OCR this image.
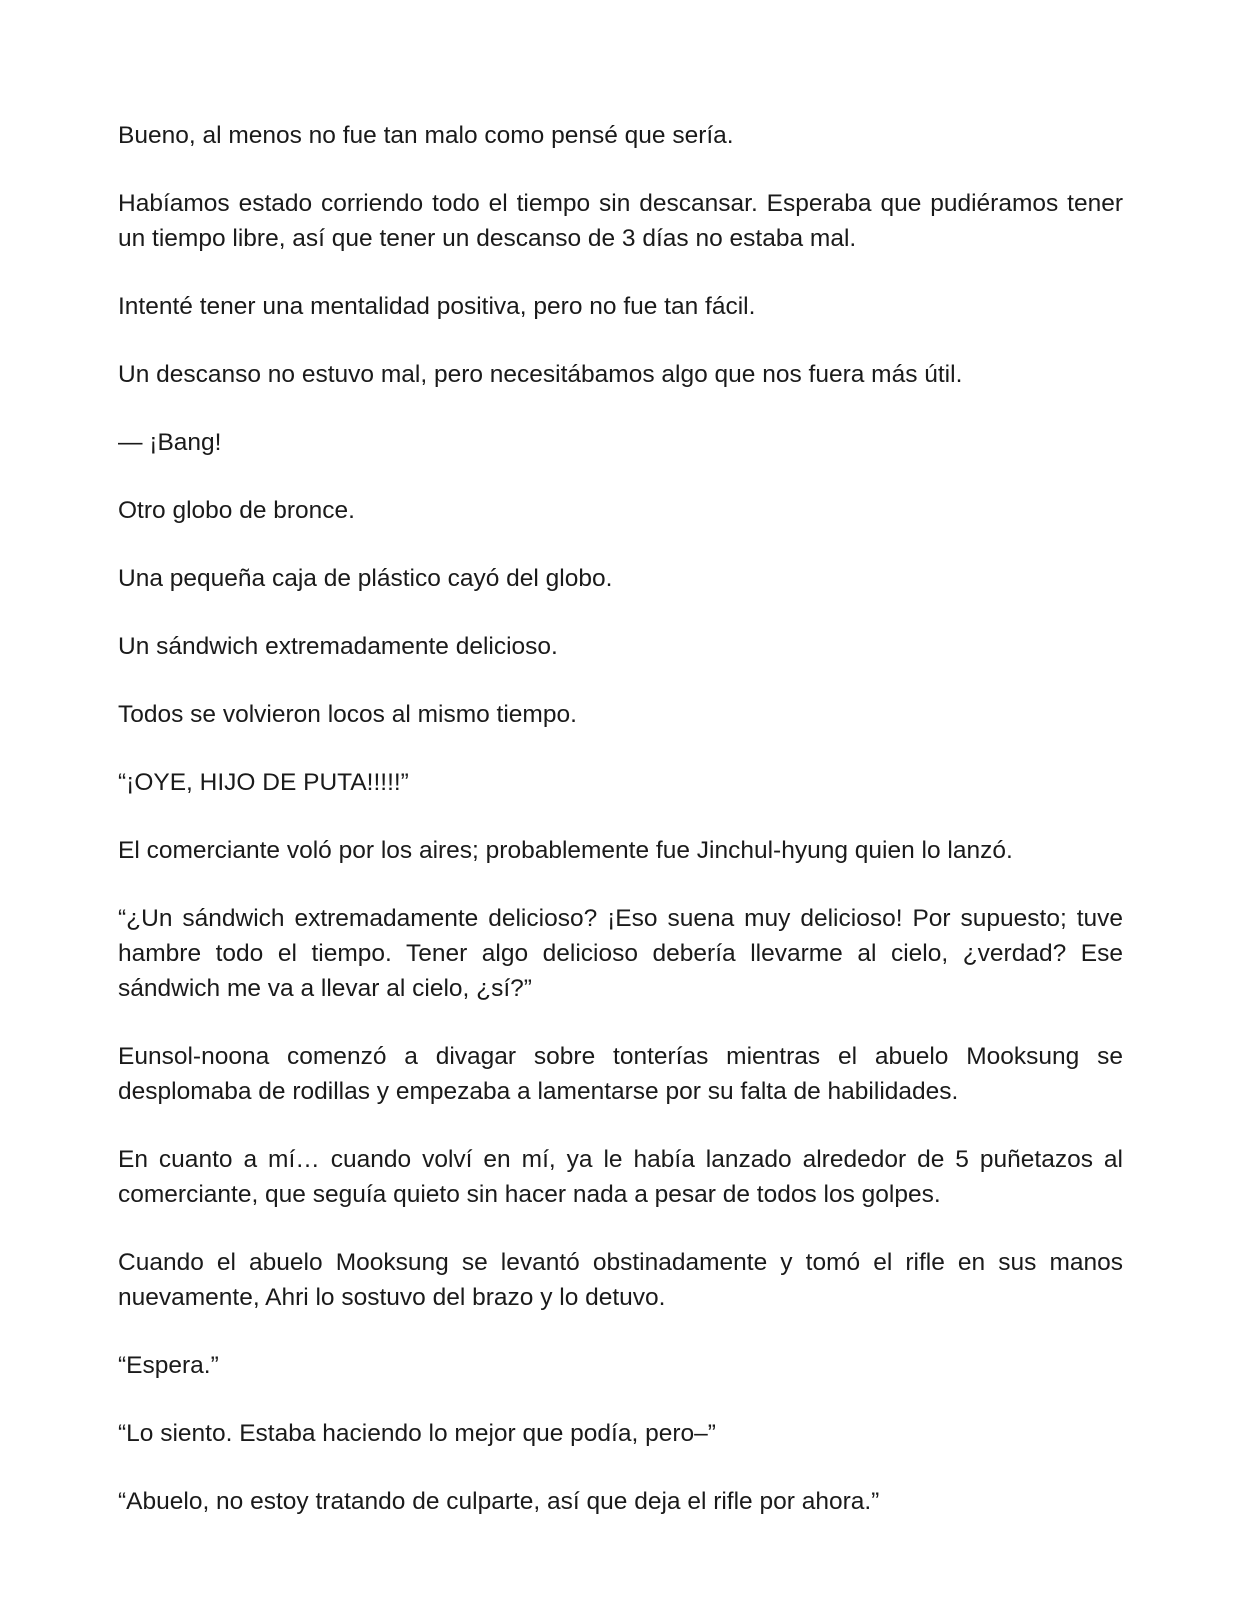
Bueno, al menos no fue tan malo como pensé que sería.

Habíamos estado corriendo todo el tiempo sin descansar. Esperaba que pudiéramos tener un tiempo libre, así que tener un descanso de 3 días no estaba mal.

Intenté tener una mentalidad positiva, pero no fue tan fácil.

Un descanso no estuvo mal, pero necesitábamos algo que nos fuera más útil.

— ¡Bang!

Otro globo de bronce.

Una pequeña caja de plástico cayó del globo.

Un sándwich extremadamente delicioso.

Todos se volvieron locos al mismo tiempo.

“¡OYE, HIJO DE PUTA!!!!!”

El comerciante voló por los aires; probablemente fue Jinchul-hyung quien lo lanzó.

“¿Un sándwich extremadamente delicioso? ¡Eso suena muy delicioso! Por supuesto; tuve hambre todo el tiempo. Tener algo delicioso debería llevarme al cielo, ¿verdad? Ese sándwich me va a llevar al cielo, ¿sí?”

Eunsol-noona comenzó a divagar sobre tonterías mientras el abuelo Mooksung se desplomaba de rodillas y empezaba a lamentarse por su falta de habilidades.

En cuanto a mí… cuando volví en mí, ya le había lanzado alrededor de 5 puñetazos al comerciante, que seguía quieto sin hacer nada a pesar de todos los golpes.

Cuando el abuelo Mooksung se levantó obstinadamente y tomó el rifle en sus manos nuevamente, Ahri lo sostuvo del brazo y lo detuvo.

“Espera.”

“Lo siento. Estaba haciendo lo mejor que podía, pero–”

“Abuelo, no estoy tratando de culparte, así que deja el rifle por ahora.”
